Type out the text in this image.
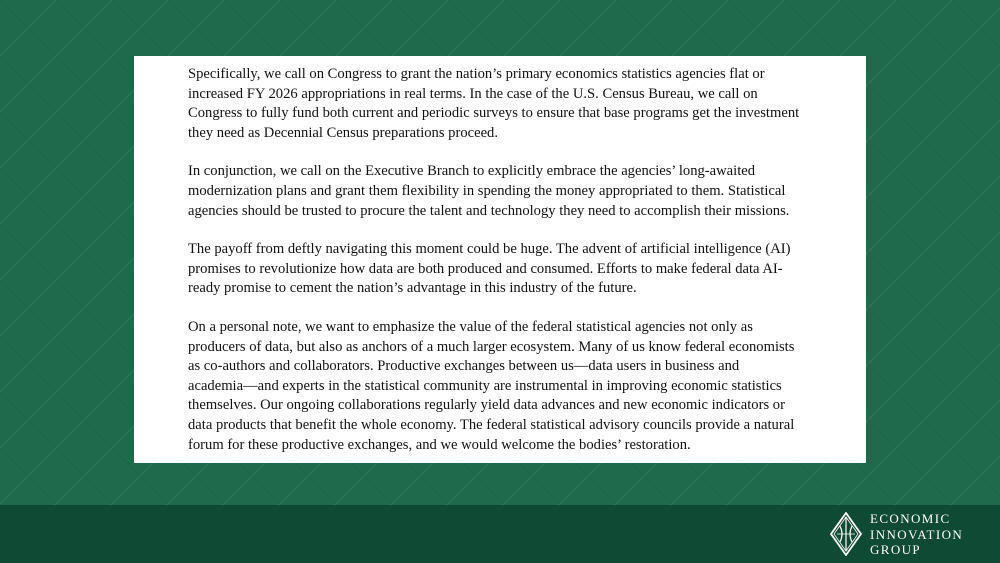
Specifically, we call on Congress to grant the nation’s primary economics statistics agencies flat or
increased FY 2026 appropriations in real terms. In the case of the U.S. Census Bureau, we call on
Congress to fully fund both current and periodic surveys to ensure that base programs get the investment
they need as Decennial Census preparations proceed.

In conjunction, we call on the Executive Branch to explicitly embrace the agencies’ long-awaited
modernization plans and grant them flexibility in spending the money appropriated to them. Statistical
agencies should be trusted to procure the talent and technology they need to accomplish their missions.

The payoff from deftly navigating this moment could be huge. The advent of artificial intelligence (AI)
promises to revolutionize how data are both produced and consumed. Efforts to make federal data AI-
ready promise to cement the nation’s advantage in this industry of the future.

On a personal note, we want to emphasize the value of the federal statistical agencies not only as
producers of data, but also as anchors of a much larger ecosystem. Many of us know federal economists
as co-authors and collaborators. Productive exchanges between us—data users in business and
academia—and experts in the statistical community are instrumental in improving economic statistics
themselves. Our ongoing collaborations regularly yield data advances and new economic indicators or
data products that benefit the whole economy. The federal statistical advisory councils provide a natural
forum for these productive exchanges, and we would welcome the bodies’ restoration.

ECONOMIC
INNOVATION
GROUP
